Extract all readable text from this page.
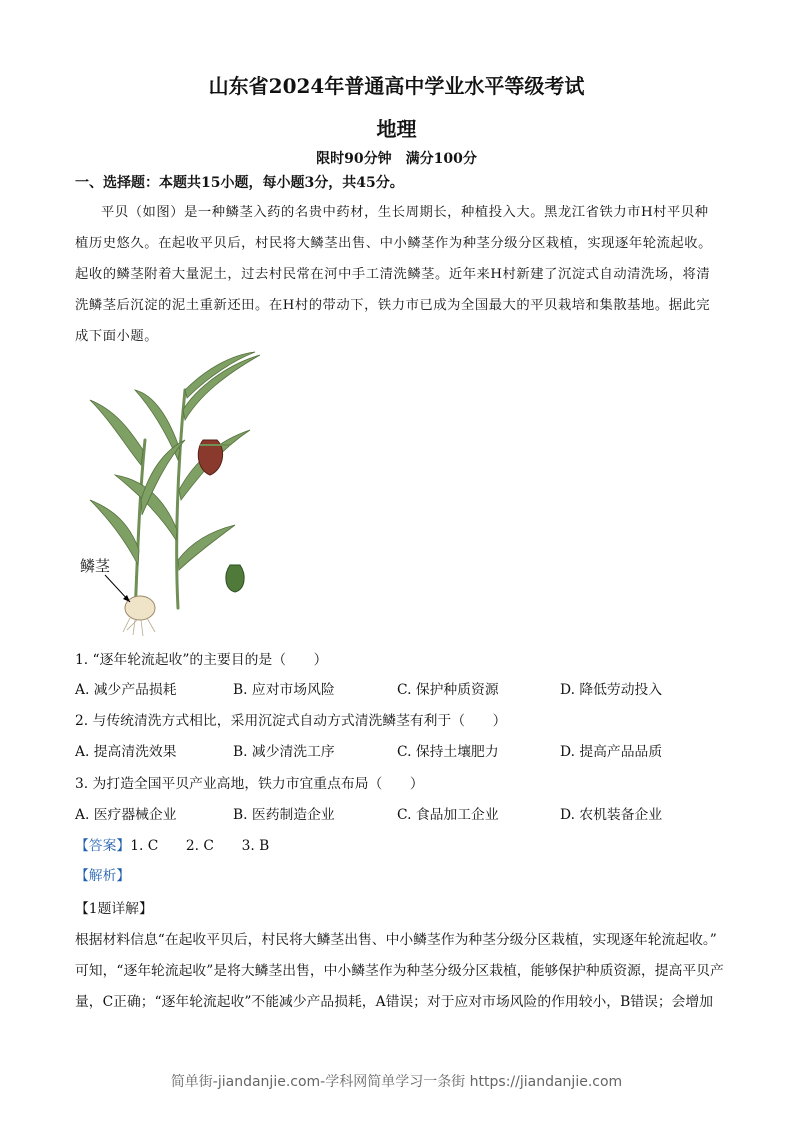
山东省2024年普通高中学业水平等级考试
地理
限时90分钟　满分100分
一、选择题：本题共15小题，每小题3分，共45分。
平贝（如图）是一种鳞茎入药的名贵中药材，生长周期长，种植投入大。黑龙江省铁力市H村平贝种
植历史悠久。在起收平贝后，村民将大鳞茎出售、中小鳞茎作为种茎分级分区栽植，实现逐年轮流起收。
起收的鳞茎附着大量泥土，过去村民常在河中手工清洗鳞茎。近年来H村新建了沉淀式自动清洗场，将清
洗鳞茎后沉淀的泥土重新还田。在H村的带动下，铁力市已成为全国最大的平贝栽培和集散基地。据此完
成下面小题。
鳞茎
1. “逐年轮流起收”的主要目的是（　　）
A. 减少产品损耗	B. 应对市场风险	C. 保护种质资源	D. 降低劳动投入
2. 与传统清洗方式相比，采用沉淀式自动方式清洗鳞茎有利于（　　）
A. 提高清洗效果	B. 减少清洗工序	C. 保持土壤肥力	D. 提高产品品质
3. 为打造全国平贝产业高地，铁力市宜重点布局（　　）
A. 医疗器械企业	B. 医药制造企业	C. 食品加工企业	D. 农机装备企业
【答案】1. C　　2. C　　3. B
【解析】
【1题详解】
根据材料信息“在起收平贝后，村民将大鳞茎出售、中小鳞茎作为种茎分级分区栽植，实现逐年轮流起收。”
可知，“逐年轮流起收”是将大鳞茎出售，中小鳞茎作为种茎分级分区栽植，能够保护种质资源，提高平贝产
量，C正确；“逐年轮流起收”不能减少产品损耗，A错误；对于应对市场风险的作用较小，B错误；会增加
简单街-jiandanjie.com-学科网简单学习一条街 https://jiandanjie.com
